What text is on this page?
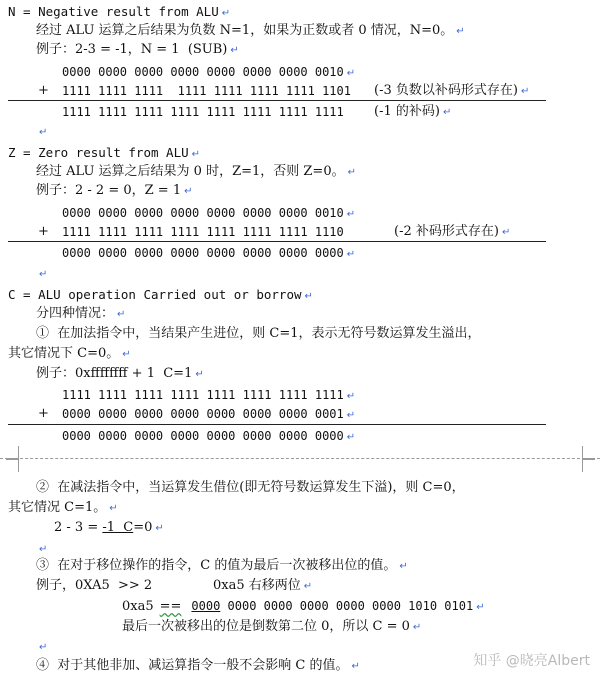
N = Negative result from ALU ↵
经过 ALU 运算之后结果为负数 N=1，如果为正数或者 0 情况，N=0。 ↵
例子：2-3 = -1，N = 1  (SUB) ↵
0000 0000 0000 0000 0000 0000 0000 0010 ↵
+ 1111 1111 1111  1111 1111 1111 1111 1101 (-3 负数以补码形式存在) ↵
1111 1111 1111 1111 1111 1111 1111 1111 (-1 的补码) ↵
↵
Z = Zero result from ALU ↵
经过 ALU 运算之后结果为 0 时，Z=1，否则 Z=0。 ↵
例子：2 - 2 = 0，Z = 1 ↵
0000 0000 0000 0000 0000 0000 0000 0010 ↵
+ 1111 1111 1111 1111 1111 1111 1111 1110	(-2 补码形式存在) ↵
0000 0000 0000 0000 0000 0000 0000 0000 ↵
↵
C = ALU operation Carried out or borrow ↵
分四种情况： ↵
①  在加法指令中，当结果产生进位，则 C=1，表示无符号数运算发生溢出，
其它情况下 C=0。 ↵
例子：0xffffffff + 1  C=1 ↵
1111 1111 1111 1111 1111 1111 1111 1111 ↵
+ 0000 0000 0000 0000 0000 0000 0000 0001 ↵
0000 0000 0000 0000 0000 0000 0000 0000 ↵
②  在减法指令中，当运算发生借位(即无符号数运算发生下溢)，则 C=0，
其它情况 C=1。 ↵
2 - 3 = -1  C=0 ↵
↵
③  在对于移位操作的指令，C 的值为最后一次被移出位的值。 ↵
例子，0XA5  >> 2	0xa5 右移两位 ↵
0xa5 == 0000 0000 0000 0000 0000 0000 1010 0101 ↵
最后一次被移出的位是倒数第二位 0，所以 C = 0 ↵
↵
④  对于其他非加、减运算指令一般不会影响 C 的值。 ↵	知乎 @晓亮Albert
